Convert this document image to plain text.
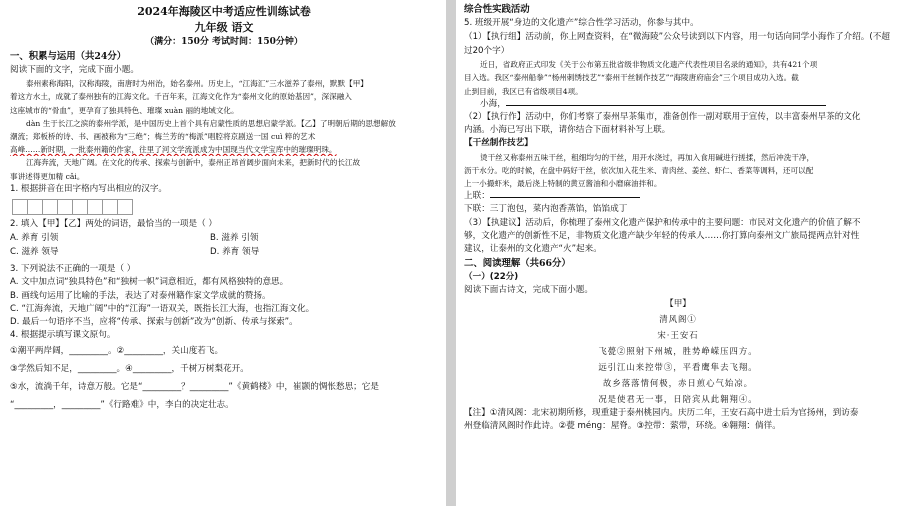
2024年海陵区中考适应性训练试卷
九年级 语文
（满分：150分 考试时间：150分钟）
一、积累与运用（共24分）
阅读下面的文字，完成下面小题。
泰州素称海阳，汉称海陵，南唐时为州治，始名泰州。历史上，“江海汇”三水滋养了泰州，默默【甲】
着这方水土，成就了泰州独有的江海文化。千百年来，江海文化作为“泰州文化的原始基因”，深深融入
这座城市的“骨血”，更孕育了独具特色、璀璨 xuàn 丽的地域文化。
dàn 生于长江之滨的泰州学派，是中国历史上首个具有启蒙性质的思想启蒙学派。【乙】了明朝后期的思想解放
潮流；郑板桥的诗、书、画被称为“三绝”；梅兰芳的“梅派”唱腔将京剧送一国 cuì 粹的艺术
高峰……新时期，一批泰州籍的作家，往里了河文学流派成为中国现当代文学宝库中的璀璨明珠。
江海奔流，天地广阔。在文化的传承、探索与创新中，泰州正昂首阔步面向未来，把新时代的长江故
事讲述得更加精 cǎi。
1. 根据拼音在田字格内写出相应的汉字。
2. 填入【甲】【乙】两处的词语，最恰当的一项是（ ）
A. 养育 引领	B. 滋养 引领
C. 滋养 领导	D. 养育 领导
3. 下列说法不正确的一项是（ ）
A. 文中加点词“独具特色”和“独树一帜”词意相近，都有风格独特的意思。
B. 画线句运用了比喻的手法，表达了对泰州籍作家文学成就的赞扬。
C. “江海奔流，天地广阔”中的“江海”一语双关，既指长江大海，也指江海文化。
D. 最后一句语序不当，应将“传承、探索与创新”改为“创新、传承与探索”。
4. 根据提示填写课文原句。
①潮平两岸阔，_________。②_________，关山度若飞。
③学然后知不足，_________。④_________，千树万树梨花开。
⑤水，流淌千年，诗意万般。它是“_________？_________”《黄鹤楼》中，崔颢的惆怅愁思；它是
“_________，_________”《行路难》中，李白的决定壮志。
综合性实践活动
5. 班级开展“身边的文化遗产”综合性学习活动，你参与其中。
（1）【执行组】活动前，你上网查资料，在“微海陵”公众号读到以下内容，用一句话向同学小海作了介绍。(不超过20个字）
近日，省政府正式印发《关于公布第五批省级非物质文化遗产代表性项目名录的通知》，共有421个项
目入选。我区“泰州船拳”“杨州刺绣技艺”“泰州干丝制作技艺”“海陵唐府庙会”三个项目成功入选。截
止到目前，我区已有省级项目4项。
小海，
（2）【执行作】活动中，你们考察了泰州早茶集市，准备创作一副对联用于宣传，以丰富泰州早茶的文化
内涵。小海已写出下联，请你结合下面材料补写上联。
【干丝制作技艺】
烫干丝又称泰州五味干丝，租细均匀的干丝，用开水浇过，再加入食用碱进行搓揉，然后冲洗干净，
沥干水分。吃的时候，在盘中码好干丝，依次加入花生米、青肉丝、姜丝、虾仁、香菜等调料，还可以配
上一小撮虾米，最后浇上特制的黄豆酱油和小磨麻油拌和。
上联：
下联：三丁泡包，菜内泡香蒸馅，馅馅成丁
（3）【执建议】活动后，你梳理了泰州文化遗产保护和传承中的主要问题：市民对文化遗产的价值了解不
够，文化遗产的创新性不足，非物质文化遗产缺少年轻的传承人……你打算向泰州文广旅局提两点针对性
建议，让泰州的文化遗产“火”起来。
二、阅读理解（共66分）
（一）(22分)
阅读下面古诗文，完成下面小题。
【甲】
清风阁①
宋·王安石
飞甍②照射下州城，胜势峥嵘压四方。
远引江山来控带③，平看鹰隼去飞翔。
故乡落落情何极，赤日煎心气始凉。
况是使君无一事，日陪宾从此翱翔④。
【注】①清风阁：北宋初期所修，现重建于泰州桃园内。庆历二年，王安石高中进士后为官扬州，到访泰
州登临清风阁时作此诗。②甍 méng：屋脊。③控带：萦带，环绕。④翱翔：倘徉。
